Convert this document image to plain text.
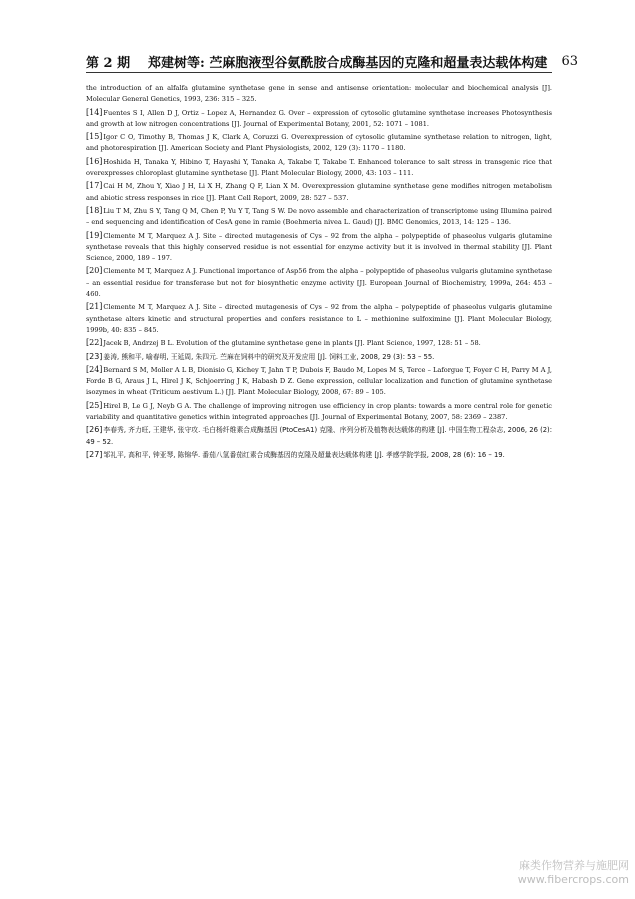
第 2 期 郑建树等: 苎麻胞液型谷氨酰胺合成酶基因的克隆和超量表达载体构建 63

the introduction of an alfalfa glutamine synthetase gene in sense and antisense orientation: molecular and biochemical analysis [J]. Molecular General Genetics, 1993, 236: 315 – 325.

[14]Fuentes S I, Allen D J, Ortiz – Lopez A, Hernandez G. Over – expression of cytosolic glutamine synthetase increases Photosynthesis and growth at low nitrogen concentrations [J]. Journal of Experimental Botany, 2001, 52: 1071 – 1081.

[15]Igor C O, Timothy B, Thomas J K, Clark A, Coruzzi G. Overexpression of cytosolic glutamine synthetase relation to nitrogen, light, and photorespiration [J]. American Society and Plant Physiologists, 2002, 129 (3): 1170 – 1180.

[16]Hoshida H, Tanaka Y, Hibino T, Hayashi Y, Tanaka A, Takabe T, Takabe T. Enhanced tolerance to salt stress in transgenic rice that overexpresses chloroplast glutamine synthetase [J]. Plant Molecular Biology, 2000, 43: 103 – 111.

[17]Cai H M, Zhou Y, Xiao J H, Li X H, Zhang Q F, Lian X M. Overexpression glutamine synthetase gene modifies nitrogen metabolism and abiotic stress responses in rice [J]. Plant Cell Report, 2009, 28: 527 – 537.

[18]Liu T M, Zhu S Y, Tang Q M, Chen P, Yu Y T, Tang S W. De novo assemble and characterization of transcriptome using Illumina paired – end sequencing and identification of CesA gene in ramie (Boehmeria nivea L. Gaud) [J]. BMC Genomics, 2013, 14: 125 – 136.

[19]Clemente M T, Marquez A J. Site – directed mutagenesis of Cys – 92 from the alpha – polypeptide of phaseolus vulgaris glutamine synthetase reveals that this highly conserved residue is not essential for enzyme activity but it is involved in thermal stability [J]. Plant Science, 2000, 189 – 197.

[20]Clemente M T, Marquez A J. Functional importance of Asp56 from the alpha – polypeptide of phaseolus vulgaris glutamine synthetase – an essential residue for transferase but not for biosynthetic enzyme activity [J]. European Journal of Biochemistry, 1999a, 264: 453 – 460.

[21]Clemente M T, Marquez A J. Site – directed mutagenesis of Cys – 92 from the alpha – polypeptide of phaseolus vulgaris glutamine synthetase alters kinetic and structural properties and confers resistance to L – methionine sulfoximine [J]. Plant Molecular Biology, 1999b, 40: 835 – 845.

[22]Jacek B, Andrzej B L. Evolution of the glutamine synthetase gene in plants [J]. Plant Science, 1997, 128: 51 – 58.

[23]姜涛, 熊和平, 喻春明, 王延周, 朱四元. 苎麻在饲料中的研究及开发应用 [J]. 饲料工业, 2008, 29 (3): 53 – 55.

[24]Bernard S M, Moller A L B, Dionisio G, Kichey T, Jahn T P, Dubois F, Baudo M, Lopes M S, Terce – Laforgue T, Foyer C H, Parry M A J, Forde B G, Araus J L, Hirel J K, Schjoerring J K, Habash D Z. Gene expression, cellular localization and function of glutamine synthetase isozymes in wheat (Triticum aestivum L.) [J]. Plant Molecular Biology, 2008, 67: 89 – 105.

[25]Hirel B, Le G J, Neyb G A. The challenge of improving nitrogen use efficiency in crop plants: towards a more central role for genetic variability and quantitative genetics within integrated approaches [J]. Journal of Experimental Botany, 2007, 58: 2369 – 2387.

[26]李春秀, 齐力旺, 王建华, 张守攻. 毛白杨纤维素合成酶基因 (PtoCesA1) 克隆、序列分析及植物表达载体的构建 [J]. 中国生物工程杂志, 2006, 26 (2): 49 – 52.

[27]邹礼平, 高和平, 钟亚琴, 陈锦华. 番茄八氢番茄红素合成酶基因的克隆及超量表达载体构建 [J]. 孝感学院学报, 2008, 28 (6): 16 – 19.

麻类作物营养与施肥网
www.fibercrops.com
